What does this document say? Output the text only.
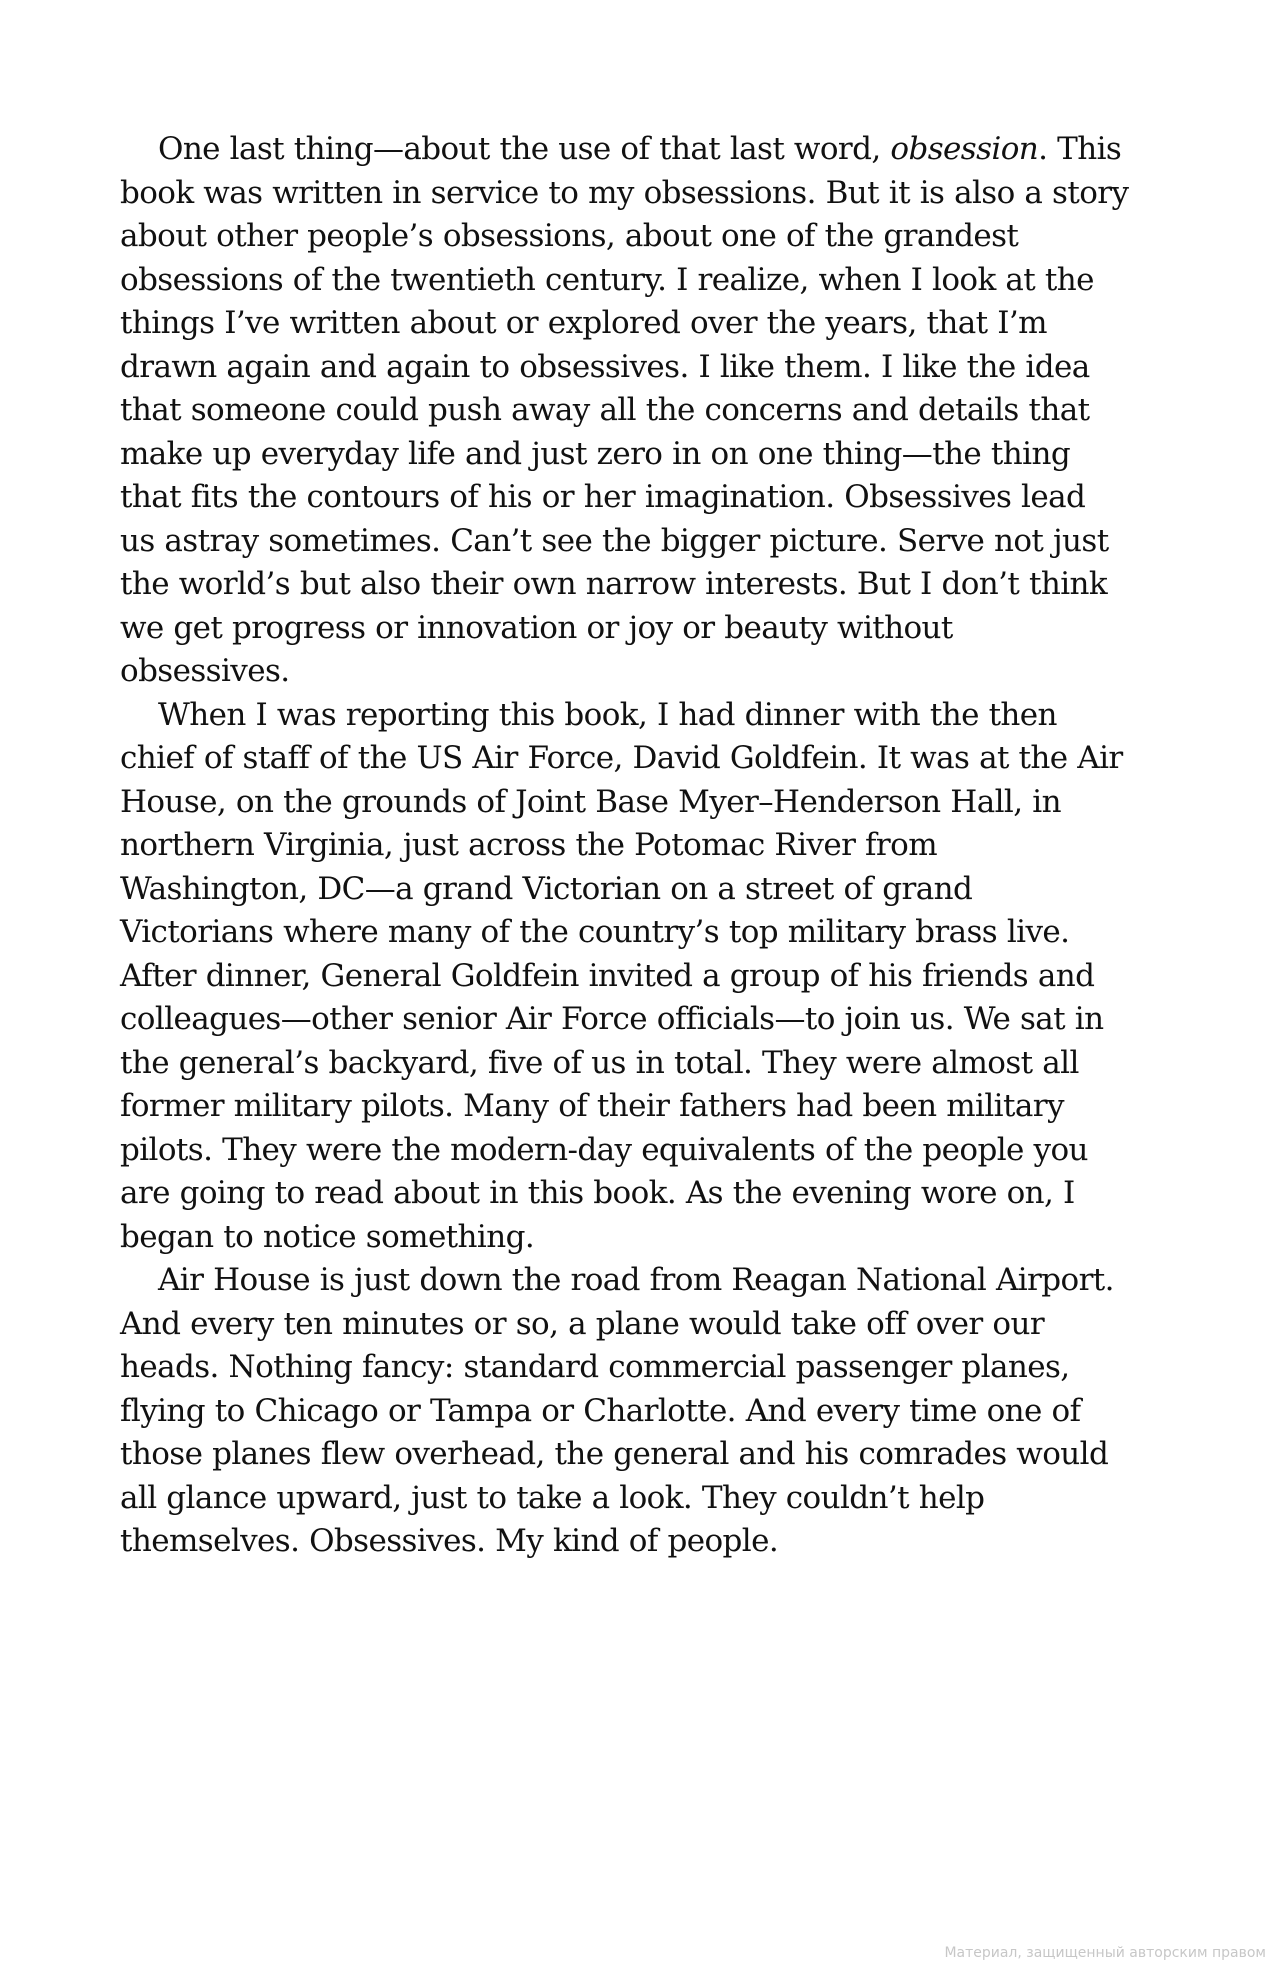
One last thing—about the use of that last word, obsession. This
book was written in service to my obsessions. But it is also a story
about other people’s obsessions, about one of the grandest
obsessions of the twentieth century. I realize, when I look at the
things I’ve written about or explored over the years, that I’m
drawn again and again to obsessives. I like them. I like the idea
that someone could push away all the concerns and details that
make up everyday life and just zero in on one thing—the thing
that fits the contours of his or her imagination. Obsessives lead
us astray sometimes. Can’t see the bigger picture. Serve not just
the world’s but also their own narrow interests. But I don’t think
we get progress or innovation or joy or beauty without
obsessives.

When I was reporting this book, I had dinner with the then
chief of staff of the US Air Force, David Goldfein. It was at the Air
House, on the grounds of Joint Base Myer–Henderson Hall, in
northern Virginia, just across the Potomac River from
Washington, DC—a grand Victorian on a street of grand
Victorians where many of the country’s top military brass live.
After dinner, General Goldfein invited a group of his friends and
colleagues—other senior Air Force officials—to join us. We sat in
the general’s backyard, five of us in total. They were almost all
former military pilots. Many of their fathers had been military
pilots. They were the modern-day equivalents of the people you
are going to read about in this book. As the evening wore on, I
began to notice something.

Air House is just down the road from Reagan National Airport.
And every ten minutes or so, a plane would take off over our
heads. Nothing fancy: standard commercial passenger planes,
flying to Chicago or Tampa or Charlotte. And every time one of
those planes flew overhead, the general and his comrades would
all glance upward, just to take a look. They couldn’t help
themselves. Obsessives. My kind of people.

Материал, защищенный авторским правом
